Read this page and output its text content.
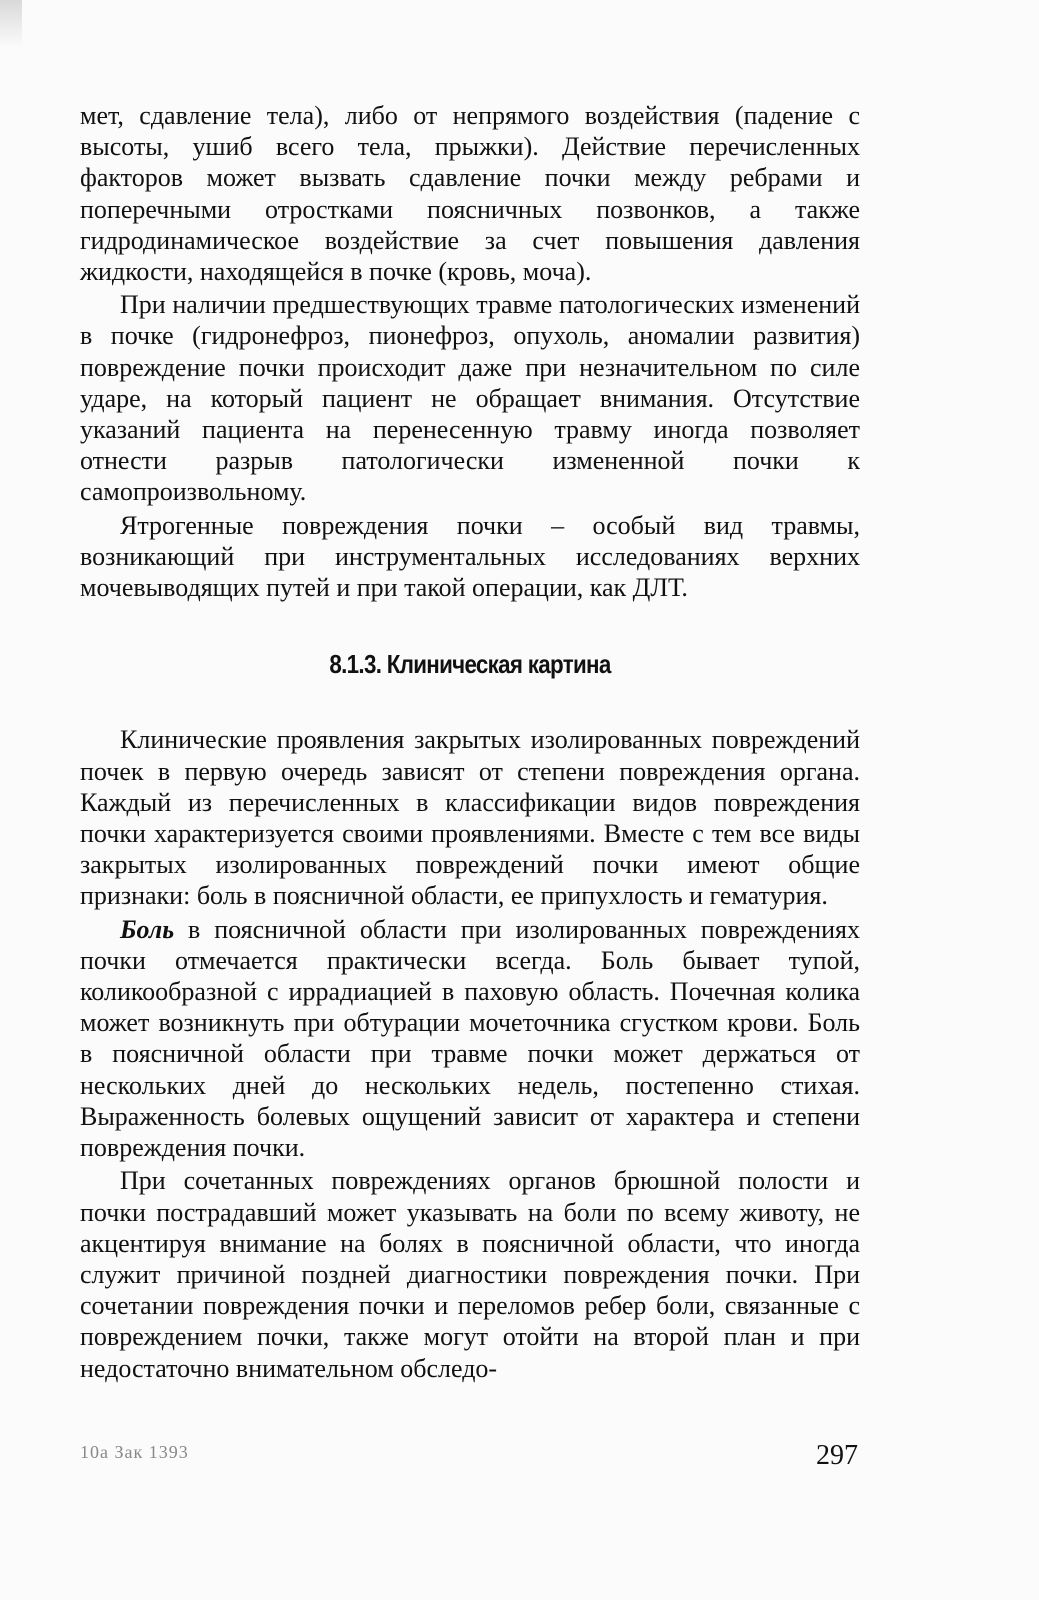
мет, сдавление тела), либо от непрямого воздействия (падение с высоты, ушиб всего тела, прыжки). Действие перечисленных факторов может вызвать сдавление почки между ребрами и поперечными отростками поясничных позвонков, а также гидродинамическое воздействие за счет повышения давления жидкости, находящейся в почке (кровь, моча).

При наличии предшествующих травме патологических изменений в почке (гидронефроз, пионефроз, опухоль, аномалии развития) повреждение почки происходит даже при незначительном по силе ударе, на который пациент не обращает внимания. Отсутствие указаний пациента на перенесенную травму иногда позволяет отнести разрыв патологически измененной почки к самопроизвольному.

Ятрогенные повреждения почки – особый вид травмы, возникающий при инструментальных исследованиях верхних мочевыводящих путей и при такой операции, как ДЛТ.

8.1.3. Клиническая картина

Клинические проявления закрытых изолированных повреждений почек в первую очередь зависят от степени повреждения органа. Каждый из перечисленных в классификации видов повреждения почки характеризуется своими проявлениями. Вместе с тем все виды закрытых изолированных повреждений почки имеют общие признаки: боль в поясничной области, ее припухлость и гематурия.

Боль в поясничной области при изолированных повреждениях почки отмечается практически всегда. Боль бывает тупой, коликообразной с иррадиацией в паховую область. Почечная колика может возникнуть при обтурации мочеточника сгустком крови. Боль в поясничной области при травме почки может держаться от нескольких дней до нескольких недель, постепенно стихая. Выраженность болевых ощущений зависит от характера и степени повреждения почки.

При сочетанных повреждениях органов брюшной полости и почки пострадавший может указывать на боли по всему животу, не акцентируя внимание на болях в поясничной области, что иногда служит причиной поздней диагностики повреждения почки. При сочетании повреждения почки и переломов ребер боли, связанные с повреждением почки, также могут отойти на второй план и при недостаточно внимательном обследо-

10а Зак 1393	297
